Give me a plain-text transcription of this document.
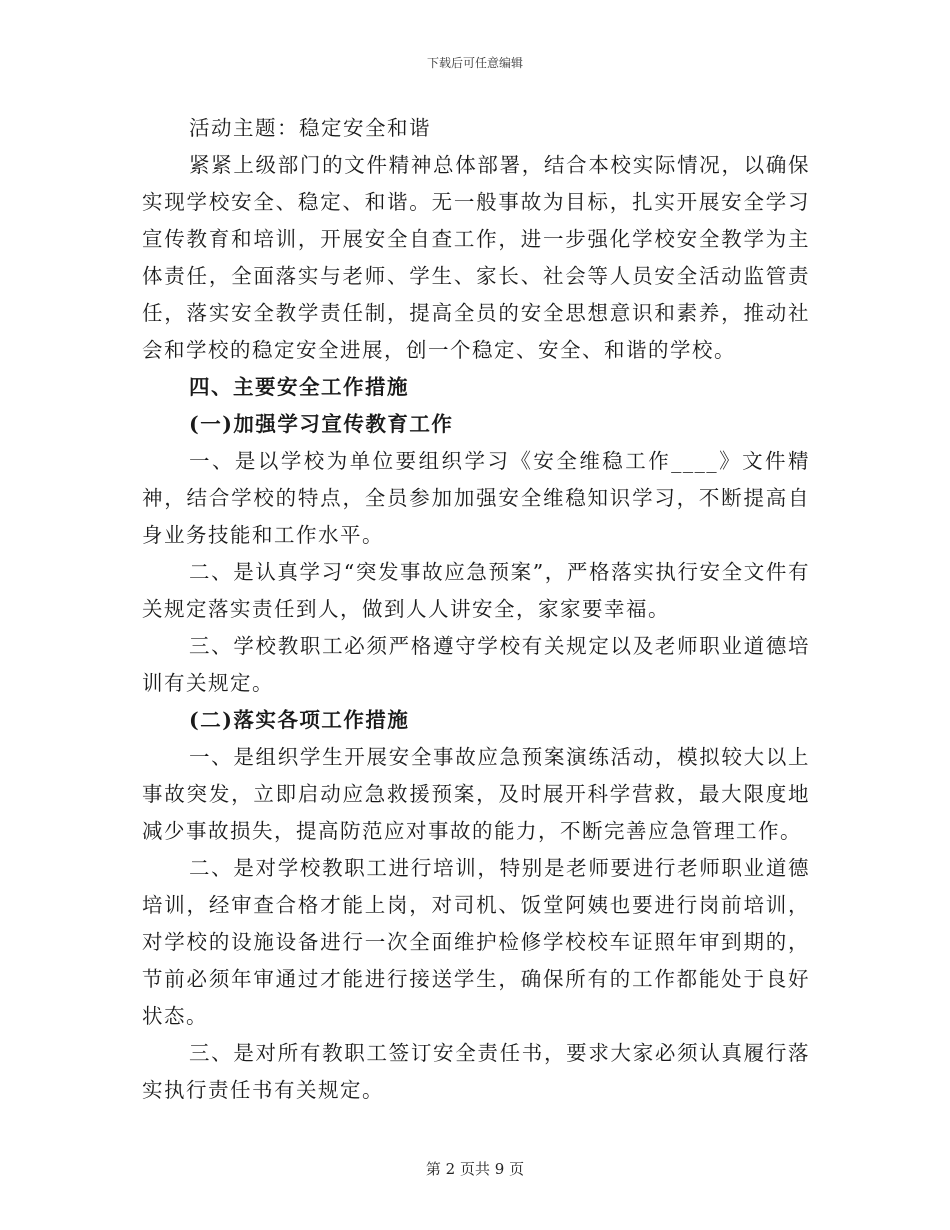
下载后可任意编辑

活动主题：稳定安全和谐

紧紧上级部门的文件精神总体部署，结合本校实际情况，以确保实现学校安全、稳定、和谐。无一般事故为目标，扎实开展安全学习宣传教育和培训，开展安全自查工作，进一步强化学校安全教学为主体责任，全面落实与老师、学生、家长、社会等人员安全活动监管责任，落实安全教学责任制，提高全员的安全思想意识和素养，推动社会和学校的稳定安全进展，创一个稳定、安全、和谐的学校。

四、主要安全工作措施

(一)加强学习宣传教育工作

一、是以学校为单位要组织学习《安全维稳工作____》文件精神，结合学校的特点，全员参加加强安全维稳知识学习，不断提高自身业务技能和工作水平。

二、是认真学习“突发事故应急预案”，严格落实执行安全文件有关规定落实责任到人，做到人人讲安全，家家要幸福。

三、学校教职工必须严格遵守学校有关规定以及老师职业道德培训有关规定。

(二)落实各项工作措施

一、是组织学生开展安全事故应急预案演练活动，模拟较大以上事故突发，立即启动应急救援预案，及时展开科学营救，最大限度地减少事故损失，提高防范应对事故的能力，不断完善应急管理工作。

二、是对学校教职工进行培训，特别是老师要进行老师职业道德培训，经审查合格才能上岗，对司机、饭堂阿姨也要进行岗前培训，对学校的设施设备进行一次全面维护检修学校校车证照年审到期的，节前必须年审通过才能进行接送学生，确保所有的工作都能处于良好状态。

三、是对所有教职工签订安全责任书，要求大家必须认真履行落实执行责任书有关规定。

第 2 页共 9 页
